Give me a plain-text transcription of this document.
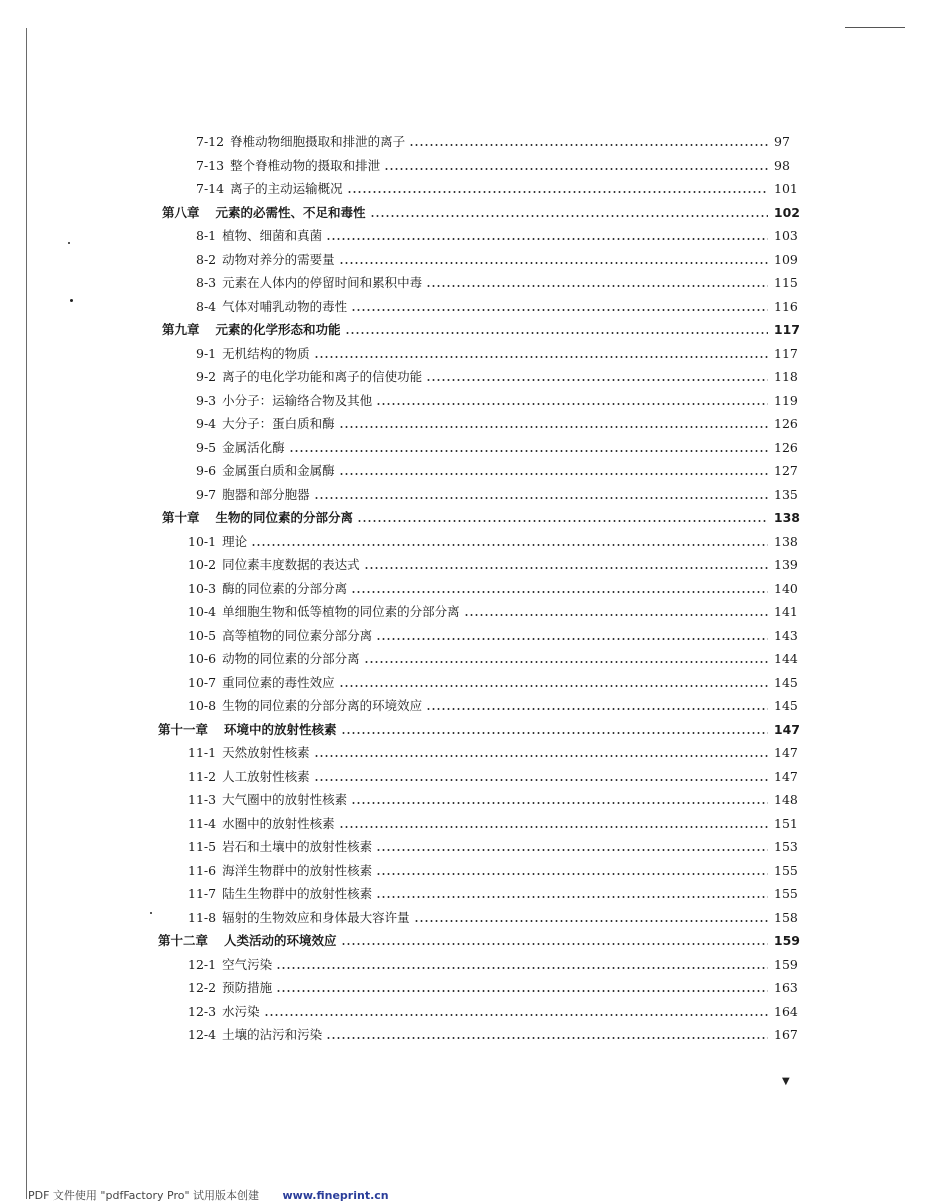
7-12 脊椎动物细胞摄取和排泄的离子	97
7-13 整个脊椎动物的摄取和排泄	98
7-14 离子的主动运输概况	101
第八章 元素的必需性、不足和毒性	102
8-1 植物、细菌和真菌	103
8-2 动物对养分的需要量	109
8-3 元素在人体内的停留时间和累积中毒	115
8-4 气体对哺乳动物的毒性	116
第九章 元素的化学形态和功能	117
9-1 无机结构的物质	117
9-2 离子的电化学功能和离子的信使功能	118
9-3 小分子：运输络合物及其他	119
9-4 大分子：蛋白质和酶	126
9-5 金属活化酶	126
9-6 金属蛋白质和金属酶	127
9-7 胞器和部分胞器	135
第十章 生物的同位素的分部分离	138
10-1 理论	138
10-2 同位素丰度数据的表达式	139
10-3 酶的同位素的分部分离	140
10-4 单细胞生物和低等植物的同位素的分部分离	141
10-5 高等植物的同位素分部分离	143
10-6 动物的同位素的分部分离	144
10-7 重同位素的毒性效应	145
10-8 生物的同位素的分部分离的环境效应	145
第十一章 环境中的放射性核素	147
11-1 天然放射性核素	147
11-2 人工放射性核素	147
11-3 大气圈中的放射性核素	148
11-4 水圈中的放射性核素	151
11-5 岩石和土壤中的放射性核素	153
11-6 海洋生物群中的放射性核素	155
11-7 陆生生物群中的放射性核素	155
11-8 辐射的生物效应和身体最大容许量	158
第十二章 人类活动的环境效应	159
12-1 空气污染	159
12-2 预防措施	163
12-3 水污染	164
12-4 土壤的沾污和污染	167
▼
PDF 文件使用 "pdfFactory Pro" 试用版本创建 www.fineprint.cn
